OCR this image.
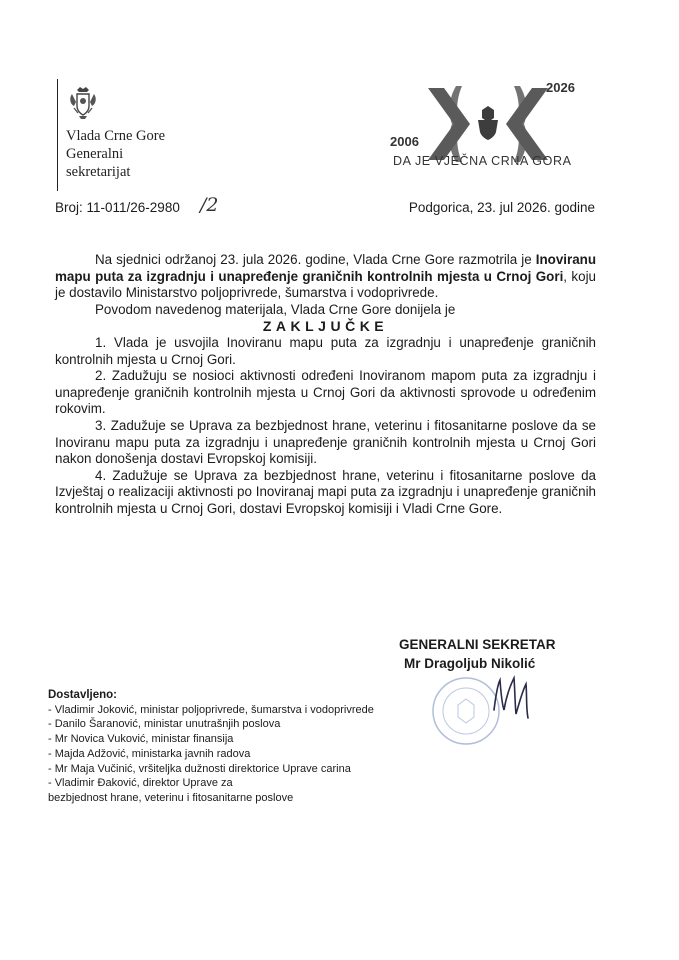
Vlada Crne Gore
Generalni
sekretarijat
2026
2006
DA JE VJEČNA CRNA GORA
Broj: 11-011/26-2980 /2	Podgorica, 23. jul 2026. godine

Na sjednici održanoj 23. jula 2026. godine, Vlada Crne Gore razmotrila je Inoviranu mapu puta za izgradnju i unapređenje graničnih kontrolnih mjesta u Crnoj Gori, koju je dostavilo Ministarstvo poljoprivrede, šumarstva i vodoprivrede.

Povodom navedenog materijala, Vlada Crne Gore donijela je

ZAKLJUČKE

1. Vlada je usvojila Inoviranu mapu puta za izgradnju i unapređenje graničnih kontrolnih mjesta u Crnoj Gori.

2. Zadužuju se nosioci aktivnosti određeni Inoviranom mapom puta za izgradnju i unapređenje graničnih kontrolnih mjesta u Crnoj Gori da aktivnosti sprovode u određenim rokovim.

3. Zadužuje se Uprava za bezbjednost hrane, veterinu i fitosanitarne poslove da se Inoviranu mapu puta za izgradnju i unapređenje graničnih kontrolnih mjesta u Crnoj Gori nakon donošenja dostavi Evropskoj komisiji.

4. Zadužuje se Uprava za bezbjednost hrane, veterinu i fitosanitarne poslove da Izvještaj o realizaciji aktivnosti po Inoviranaj mapi puta za izgradnju i unapređenje graničnih kontrolnih mjesta u Crnoj Gori, dostavi Evropskoj komisiji i Vladi Crne Gore.

GENERALNI SEKRETAR
Mr Dragoljub Nikolić
Dostavljeno:
- Vladimir Joković, ministar poljoprivrede, šumarstva i vodoprivrede
- Danilo Šaranović, ministar unutrašnjih poslova
- Mr Novica Vuković, ministar finansija
- Majda Adžović, ministarka javnih radova
- Mr Maja Vučinić, vršiteljka dužnosti direktorice Uprave carina
- Vladimir Đaković, direktor Uprave za
bezbjednost hrane, veterinu i fitosanitarne poslove
